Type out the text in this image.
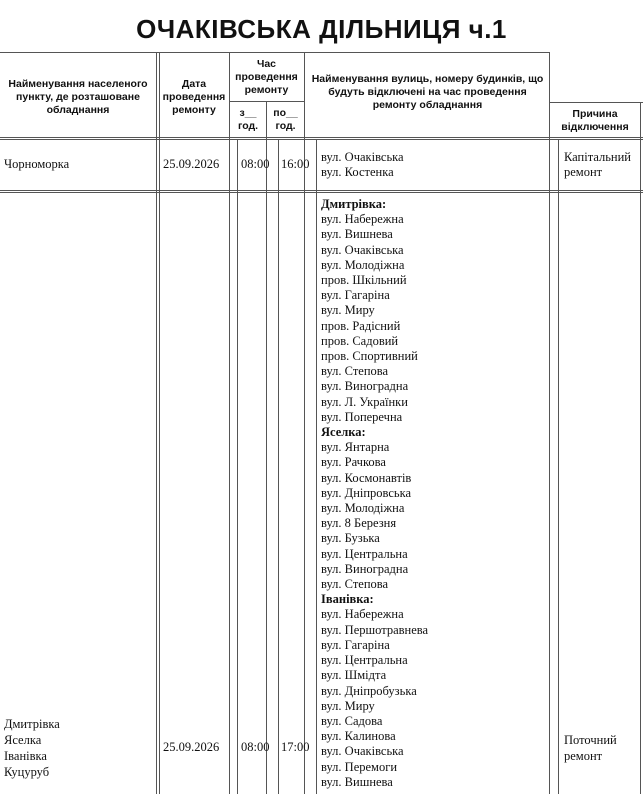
ОЧАКІВСЬКА ДІЛЬНИЦЯ ч.1
Найменування населеного пункту, де розташоване обладнання
Дата проведення ремонту
Час проведення ремонту
з__ год.
по__ год.
Найменування вулиць, номеру будинків, що будуть відключені на час проведення ремонту обладнання
Причина відключення
Чорноморка	25.09.2026 08:00 16:00 вул. Очаківська
вул. Костенка
Капітальний
ремонт
Дмитрівка
Яселка
Іванівка
Куцуруб
25.09.2026 08:00 17:00	Поточний
ремонт
Дмитрівка:
вул. Набережна
вул. Вишнева
вул. Очаківська
вул. Молодіжна
пров. Шкільний
вул. Гагаріна
вул. Миру
пров. Радісний
пров. Садовий
пров. Спортивний
вул. Степова
вул. Виноградна
вул. Л. Українки
вул. Поперечна
Яселка:
вул. Янтарна
вул. Рачкова
вул. Космонавтів
вул. Дніпровська
вул. Молодіжна
вул. 8 Березня
вул. Бузька
вул. Центральна
вул. Виноградна
вул. Степова
Іванівка:
вул. Набережна
вул. Першотравнева
вул. Гагаріна
вул. Центральна
вул. Шмідта
вул. Дніпробузька
вул. Миру
вул. Садова
вул. Калинова
вул. Очаківська
вул. Перемоги
вул. Вишнева
